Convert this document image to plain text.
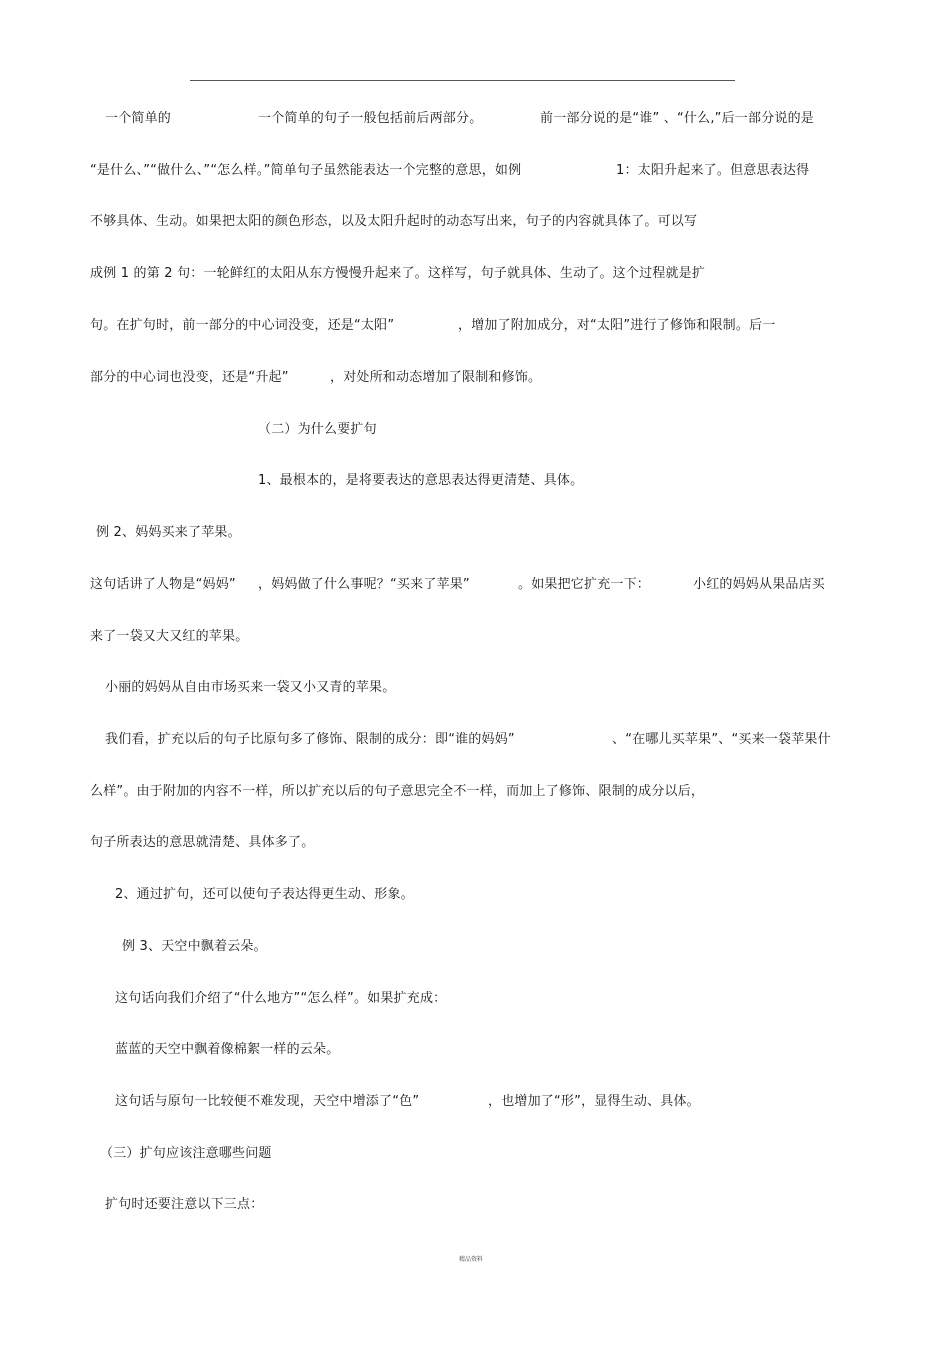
一个简单的	一个简单的句子一般包括前后两部分。	前一部分说的是“谁” 、“什么,”后一部分说的是
“是什么、”“做什么、”“怎么样。”简单句子虽然能表达一个完整的意思，如例	1：太阳升起来了。但意思表达得
不够具体、生动。如果把太阳的颜色形态，以及太阳升起时的动态写出来，句子的内容就具体了。可以写
成例 1 的第 2 句：一轮鲜红的太阳从东方慢慢升起来了。这样写，句子就具体、生动了。这个过程就是扩
句。在扩句时，前一部分的中心词没变，还是“太阳”	，增加了附加成分，对“太阳”进行了修饰和限制。后一
部分的中心词也没变，还是“升起”	，对处所和动态增加了限制和修饰。
（二）为什么要扩句
1、最根本的，是将要表达的意思表达得更清楚、具体。
例 2、妈妈买来了苹果。
这句话讲了人物是“妈妈” ，妈妈做了什么事呢？“买来了苹果”	。如果把它扩充一下：	小红的妈妈从果品店买
来了一袋又大又红的苹果。
小丽的妈妈从自由市场买来一袋又小又青的苹果。
我们看，扩充以后的句子比原句多了修饰、限制的成分：即“谁的妈妈”	、“在哪儿买苹果”、“买来一袋苹果什
么样”。由于附加的内容不一样，所以扩充以后的句子意思完全不一样，而加上了修饰、限制的成分以后，
句子所表达的意思就清楚、具体多了。
2、通过扩句，还可以使句子表达得更生动、形象。
例 3、天空中飘着云朵。
这句话向我们介绍了“什么地方”“怎么样”。如果扩充成：
蓝蓝的天空中飘着像棉絮一样的云朵。
这句话与原句一比较便不难发现，天空中增添了“色”	，也增加了“形”，显得生动、具体。
（三）扩句应该注意哪些问题
扩句时还要注意以下三点：
精品资料
